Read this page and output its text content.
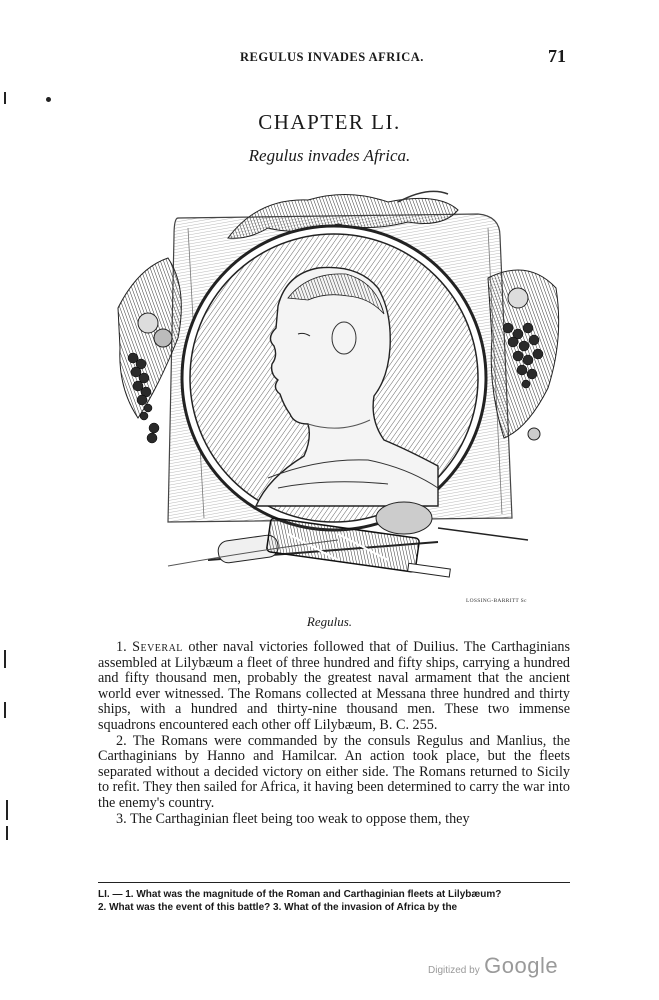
REGULUS INVADES AFRICA.	71
CHAPTER LI.
Regulus invades Africa.
LOSSING-BARRITT Sc
Regulus.

1. Several other naval victories followed that of Duilius. The Carthaginians assembled at Lilybæum a fleet of three hundred and fifty ships, carrying a hundred and fifty thousand men, probably the greatest naval armament that the ancient world ever witnessed. The Romans collected at Messana three hundred and thirty ships, with a hundred and thirty-nine thousand men. These two immense squadrons encountered each other off Lilybæum, B. C. 255.

2. The Romans were commanded by the consuls Regulus and Manlius, the Carthaginians by Hanno and Hamilcar. An action took place, but the fleets separated without a decided victory on either side. The Romans returned to Sicily to refit. They then sailed for Africa, it having been determined to carry the war into the enemy's country.

3. The Carthaginian fleet being too weak to oppose them, they

LI. — 1. What was the magnitude of the Roman and Carthaginian fleets at Lilybæum?

2. What was the event of this battle? 3. What of the invasion of Africa by the

Digitized by Google
